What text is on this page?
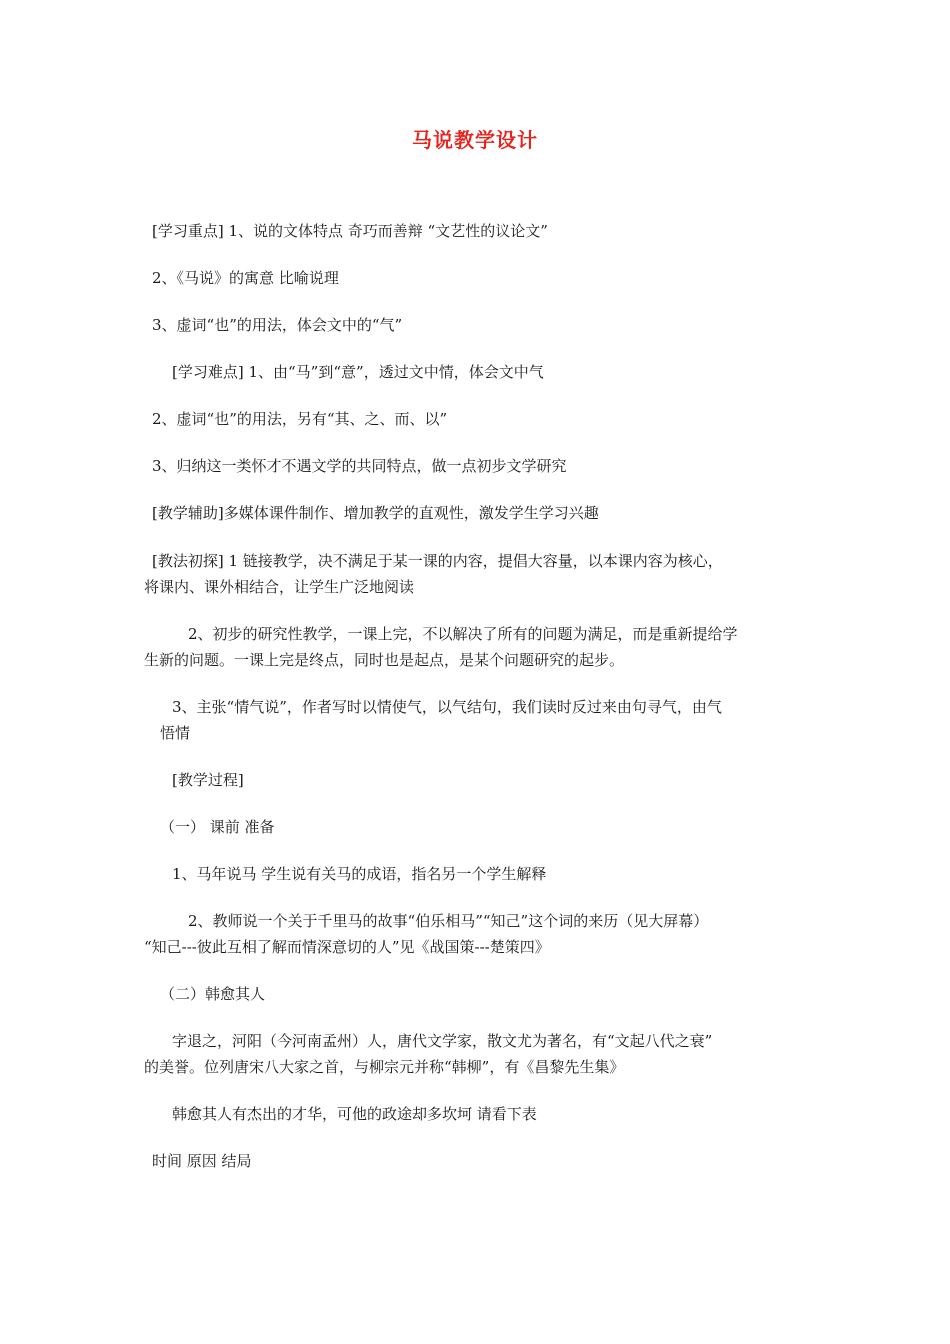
马说教学设计
[学习重点] 1、说的文体特点 奇巧而善辩 “文艺性的议论文”
2、《马说》的寓意 比喻说理
3、虚词“也”的用法，体会文中的“气”
[学习难点] 1、由“马”到“意”，透过文中情，体会文中气
2、虚词“也”的用法，另有“其、之、而、以”
3、归纳这一类怀才不遇文学的共同特点，做一点初步文学研究
[教学辅助]多媒体课件制作、增加教学的直观性，激发学生学习兴趣
[教法初探] 1 链接教学，决不满足于某一课的内容，提倡大容量，以本课内容为核心，
将课内、课外相结合，让学生广泛地阅读
2、初步的研究性教学，一课上完，不以解决了所有的问题为满足，而是重新提给学
生新的问题。一课上完是终点，同时也是起点，是某个问题研究的起步。
3、主张“情气说”，作者写时以情使气，以气结句，我们读时反过来由句寻气，由气
悟情
[教学过程]
（一） 课前 准备
1、马年说马 学生说有关马的成语，指名另一个学生解释
2、教师说一个关于千里马的故事“伯乐相马”“知己”这个词的来历（见大屏幕）
“知己---彼此互相了解而情深意切的人”见《战国策---楚策四》
（二）韩愈其人
字退之，河阳（今河南孟州）人，唐代文学家，散文尤为著名，有“文起八代之衰”
的美誉。位列唐宋八大家之首，与柳宗元并称“韩柳”，有《昌黎先生集》
韩愈其人有杰出的才华，可他的政途却多坎坷 请看下表
时间 原因 结局
